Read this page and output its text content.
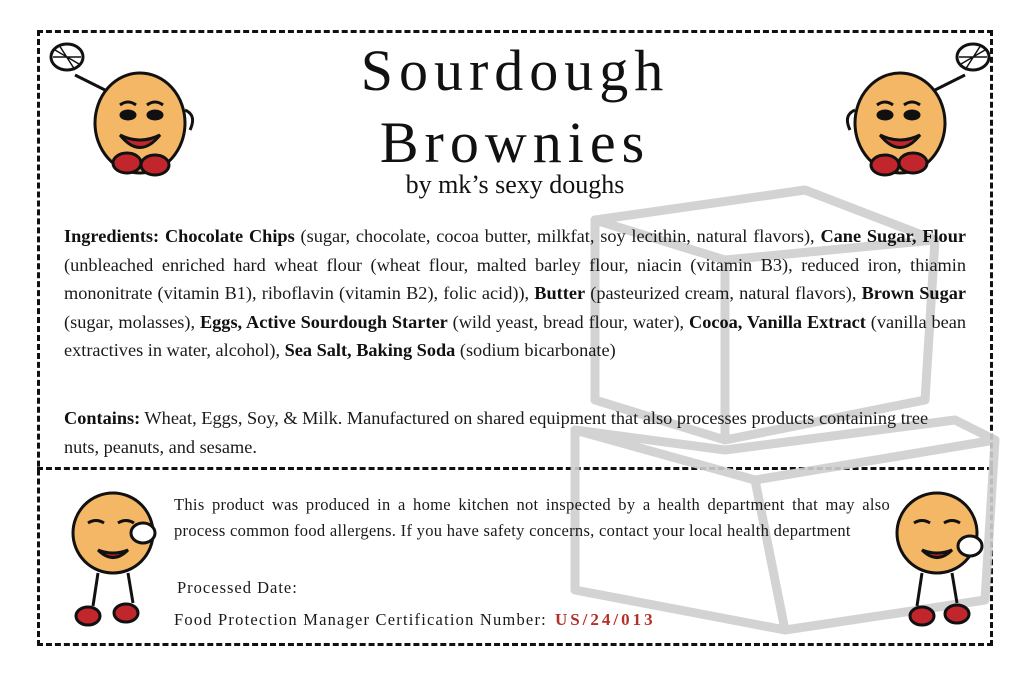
Sourdough
Brownies
by mk’s sexy doughs
Ingredients: Chocolate Chips (sugar, chocolate, cocoa butter, milkfat, soy lecithin, natural flavors), Cane Sugar, Flour (unbleached enriched hard wheat flour (wheat flour, malted barley flour, niacin (vitamin B3), reduced iron, thiamin mononitrate (vitamin B1), riboflavin (vitamin B2), folic acid)), Butter (pasteurized cream, natural flavors), Brown Sugar (sugar, molasses), Eggs, Active Sourdough Starter (wild yeast, bread flour, water), Cocoa, Vanilla Extract (vanilla bean extractives in water, alcohol), Sea Salt, Baking Soda (sodium bicarbonate)
Contains: Wheat, Eggs, Soy, & Milk. Manufactured on shared equipment that also processes products containing tree nuts, peanuts, and sesame.
This product was produced in a home kitchen not inspected by a health department that may also process common food allergens. If you have safety concerns, contact your local health department
Processed Date:
Food Protection Manager Certification Number: US/24/013
